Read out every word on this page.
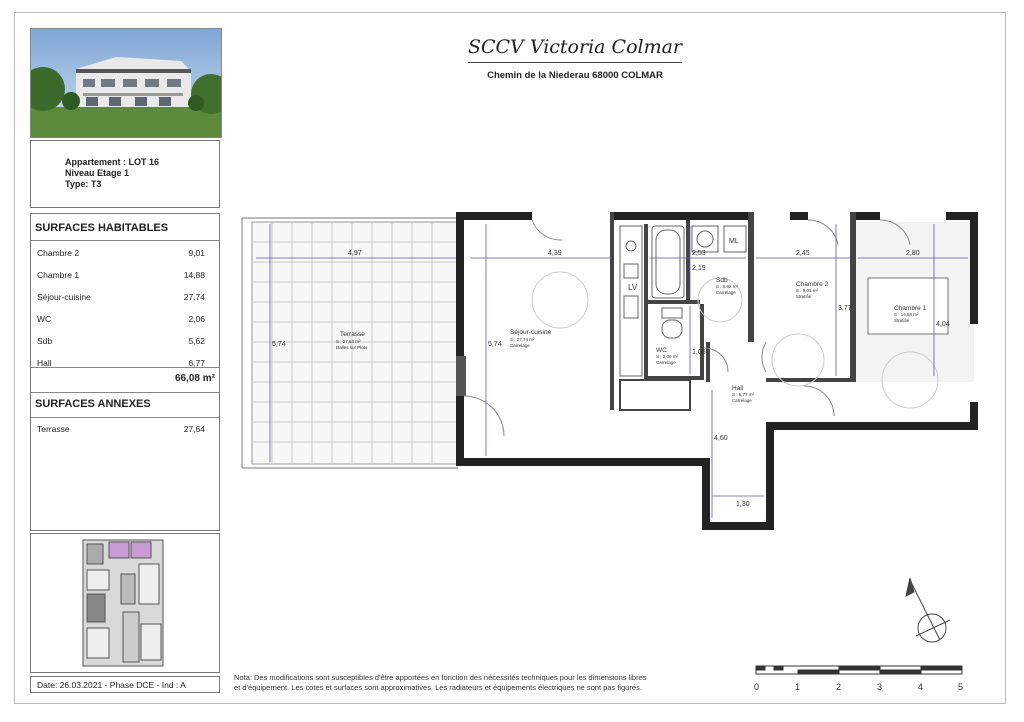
Appartement : LOT 16
Niveau Etage 1
Type: T3
SURFACES HABITABLES
Chambre 2	9,01
Chambre 1	14,88
Séjour-cuisine	27,74
WC	2,06
Sdb	5,62
Hall	6,77
66,08 m²
SURFACES ANNEXES
Terrasse	27,64
Date: 26.03.2021 - Phase DCE - Ind : A
SCCV Victoria Colmar
Chemin de la Niederau 68000 COLMAR
LV
ML
4,97	4,39	2,53	2,45	2,80
5,74	5,74
2,19
1,05
3,77
4,04
4,60
1,30
Terrasse
S : 27,64 m²
Dalles sur Plots
Séjour-cuisine
S : 27,74 m²
Carrelage
Sdb
S : 5,62 m²
Carrelage
WC
S : 2,06 m²
Carrelage
Chambre 2
S : 9,01 m²
Stratifié
Chambre 1
S : 14,88 m²
Stratifié
Hall
S : 6,77 m²
Carrelage
0	1	2	3	4	5
Nota: Des modifications sont susceptibles d'être apportées en fonction des nécessités techniques pour les dimensions libres
et d'équipement. Les cotes et surfaces sont approximatives. Les radiateurs et équipements électriques ne sont pas figurés.
